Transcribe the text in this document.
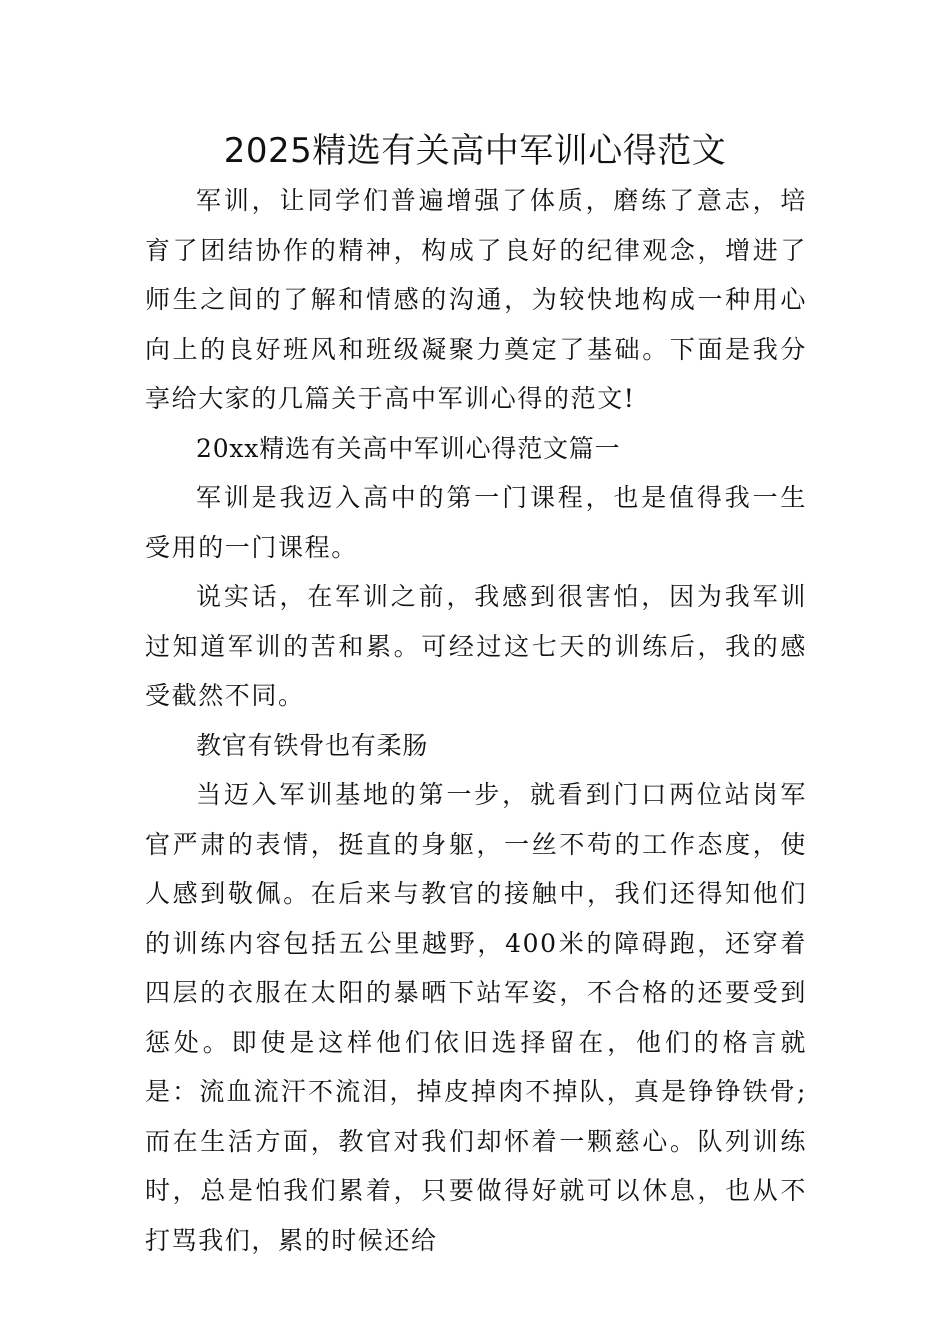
2025精选有关高中军训心得范文

军训，让同学们普遍增强了体质，磨练了意志，培育了团结协作的精神，构成了良好的纪律观念，增进了师生之间的了解和情感的沟通，为较快地构成一种用心向上的良好班风和班级凝聚力奠定了基础。下面是我分享给大家的几篇关于高中军训心得的范文!

20xx精选有关高中军训心得范文篇一

军训是我迈入高中的第一门课程，也是值得我一生受用的一门课程。

说实话，在军训之前，我感到很害怕，因为我军训过知道军训的苦和累。可经过这七天的训练后，我的感受截然不同。

教官有铁骨也有柔肠

当迈入军训基地的第一步，就看到门口两位站岗军官严肃的表情，挺直的身躯，一丝不苟的工作态度，使人感到敬佩。在后来与教官的接触中，我们还得知他们的训练内容包括五公里越野，400米的障碍跑，还穿着四层的衣服在太阳的暴晒下站军姿，不合格的还要受到惩处。即使是这样他们依旧选择留在，他们的格言就是：流血流汗不流泪，掉皮掉肉不掉队，真是铮铮铁骨;而在生活方面，教官对我们却怀着一颗慈心。队列训练时，总是怕我们累着，只要做得好就可以休息，也从不打骂我们，累的时候还给
